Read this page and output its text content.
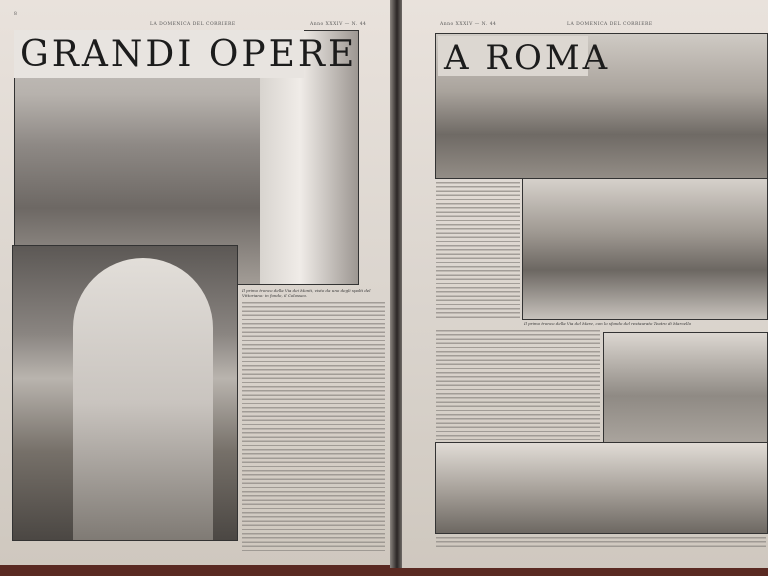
8
LA DOMENICA DEL CORRIERE	Anno XXXIV — N. 44
GRANDI OPERE
Il primo tronco della Via dei Monti, visto da uno degli spalti del Vittoriano: in fondo, il Colosseo.
Anno XXXIV — N. 44	LA DOMENICA DEL CORRIERE
A ROMA
Il primo tronco della Via del Mare, con lo sfondo del restaurato Teatro di Marcello
